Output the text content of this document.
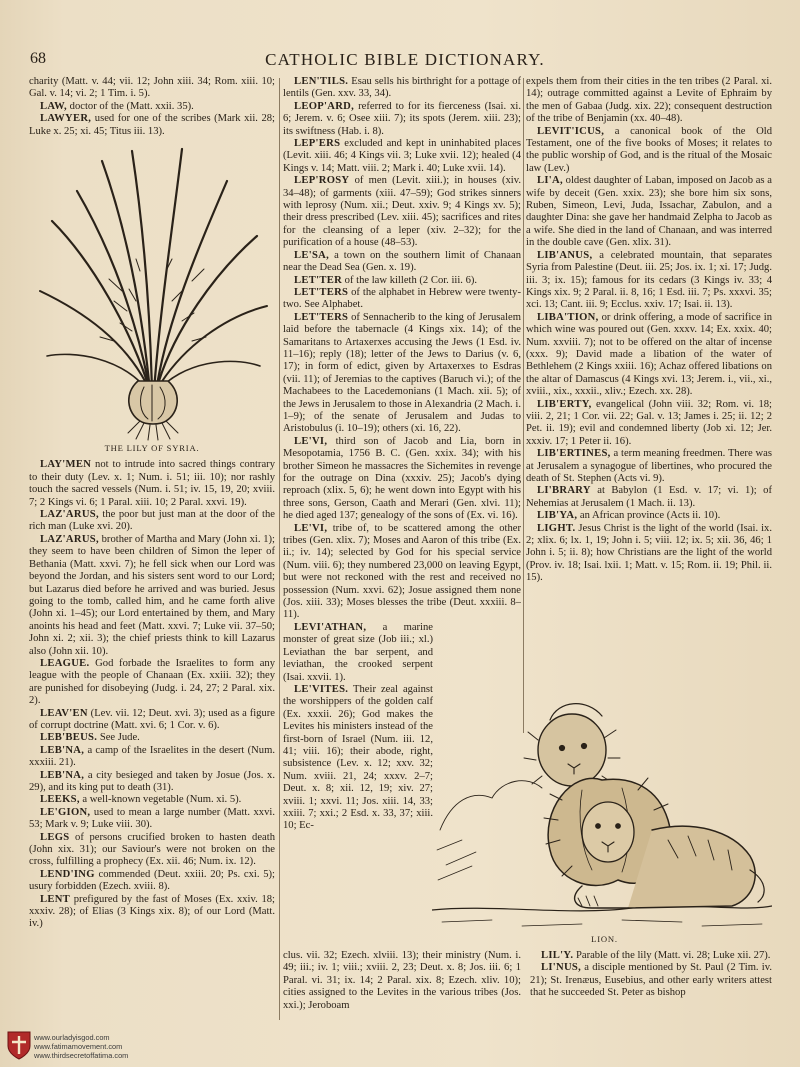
68	CATHOLIC BIBLE DICTIONARY.

charity (Matt. v. 44; vii. 12; John xiii. 34; Rom. xiii. 10; Gal. v. 14; vi. 2; 1 Tim. i. 5).

LAW, doctor of the (Matt. xxii. 35).

LAWYER, used for one of the scribes (Mark xii. 28; Luke x. 25; xi. 45; Titus iii. 13).

THE LILY OF SYRIA.

LAY'MEN not to intrude into sacred things contrary to their duty (Lev. x. 1; Num. i. 51; iii. 10); nor rashly touch the sacred vessels (Num. i. 51; iv. 15, 19, 20; xviii. 7; 2 Kings vi. 6; 1 Paral. xiii. 10; 2 Paral. xxvi. 19).

LAZ'ARUS, the poor but just man at the door of the rich man (Luke xvi. 20).

LAZ'ARUS, brother of Martha and Mary (John xi. 1); they seem to have been children of Simon the leper of Bethania (Matt. xxvi. 7); he fell sick when our Lord was beyond the Jordan, and his sisters sent word to our Lord; but Lazarus died before he arrived and was buried. Jesus going to the tomb, called him, and he came forth alive (John xi. 1–45); our Lord entertained by them, and Mary anoints his head and feet (Matt. xxvi. 7; Luke vii. 37–50; John xi. 2; xii. 3); the chief priests think to kill Lazarus also (John xii. 10).

LEAGUE. God forbade the Israelites to form any league with the people of Chanaan (Ex. xxiii. 32); they are punished for disobeying (Judg. i. 24, 27; 2 Paral. xix. 2).

LEAV'EN (Lev. vii. 12; Deut. xvi. 3); used as a figure of corrupt doctrine (Matt. xvi. 6; 1 Cor. v. 6).

LEB'BEUS. See Jude.

LEB'NA, a camp of the Israelites in the desert (Num. xxxiii. 21).

LEB'NA, a city besieged and taken by Josue (Jos. x. 29), and its king put to death (31).

LEEKS, a well-known vegetable (Num. xi. 5).

LE'GION, used to mean a large number (Matt. xxvi. 53; Mark v. 9; Luke viii. 30).

LEGS of persons crucified broken to hasten death (John xix. 31); our Saviour's were not broken on the cross, fulfilling a prophecy (Ex. xii. 46; Num. ix. 12).

LEND'ING commended (Deut. xxiii. 20; Ps. cxi. 5); usury forbidden (Ezech. xviii. 8).

LENT prefigured by the fast of Moses (Ex. xxiv. 18; xxxiv. 28); of Elias (3 Kings xix. 8); of our Lord (Matt. iv.)

LEN'TILS. Esau sells his birthright for a pottage of lentils (Gen. xxv. 33, 34).

LEOP'ARD, referred to for its fierceness (Isai. xi. 6; Jerem. v. 6; Osee xiii. 7); its spots (Jerem. xiii. 23); its swiftness (Hab. i. 8).

LEP'ERS excluded and kept in uninhabited places (Levit. xiii. 46; 4 Kings vii. 3; Luke xvii. 12); healed (4 Kings v. 14; Matt. viii. 2; Mark i. 40; Luke xvii. 14).

LEP'ROSY of men (Levit. xiii.); in houses (xiv. 34–48); of garments (xiii. 47–59); God strikes sinners with leprosy (Num. xii.; Deut. xxiv. 9; 4 Kings xv. 5); their dress prescribed (Lev. xiii. 45); sacrifices and rites for the cleansing of a leper (xiv. 2–32); for the purification of a house (48–53).

LE'SA, a town on the southern limit of Chanaan near the Dead Sea (Gen. x. 19).

LET'TER of the law killeth (2 Cor. iii. 6).

LET'TERS of the alphabet in Hebrew were twenty-two. See Alphabet.

LET'TERS of Sennacherib to the king of Jerusalem laid before the tabernacle (4 Kings xix. 14); of the Samaritans to Artaxerxes accusing the Jews (1 Esd. iv. 11–16); reply (18); letter of the Jews to Darius (v. 6, 17); in form of edict, given by Artaxerxes to Esdras (vii. 11); of Jeremias to the captives (Baruch vi.); of the Machabees to the Lacedemonians (1 Mach. xii. 5); of the Jews in Jerusalem to those in Alexandria (2 Mach. i. 1–9); of the senate of Jerusalem and Judas to Aristobulus (i. 10–19); others (xi. 16, 22).

LE'VI, third son of Jacob and Lia, born in Mesopotamia, 1756 B. C. (Gen. xxix. 34); with his brother Simeon he massacres the Sichemites in revenge for the outrage on Dina (xxxiv. 25); Jacob's dying reproach (xlix. 5, 6); he went down into Egypt with his three sons, Gerson, Caath and Merari (Gen. xlvi. 11); he died aged 137; genealogy of the sons of (Ex. vi. 16).

LE'VI, tribe of, to be scattered among the other tribes (Gen. xlix. 7); Moses and Aaron of this tribe (Ex. ii.; iv. 14); selected by God for his special service (Num. viii. 6); they numbered 23,000 on leaving Egypt, but were not reckoned with the rest and received no possession (Num. xxvi. 62); Josue assigned them none (Jos. xiii. 33); Moses blesses the tribe (Deut. xxxiii. 8–11).

LEVI'ATHAN, a marine monster of great size (Job iii.; xl.) Leviathan the bar serpent, and leviathan, the crooked serpent (Isai. xxvii. 1).

LE'VITES. Their zeal against the worshippers of the golden calf (Ex. xxxii. 26); God makes the Levites his ministers instead of the first-born of Israel (Num. iii. 12, 41; viii. 16); their abode, right, subsistence (Lev. x. 12; xxv. 32; Num. xviii. 21, 24; xxxv. 2–7; Deut. x. 8; xii. 12, 19; xiv. 27; xviii. 1; xxvi. 11; Jos. xiii. 14, 33; xxiii. 7; xxi.; 2 Esd. x. 33, 37; xiii. 10; Ec-

expels them from their cities in the ten tribes (2 Paral. xi. 14); outrage committed against a Levite of Ephraim by the men of Gabaa (Judg. xix. 22); consequent destruction of the tribe of Benjamin (xx. 40–48).

LEVIT'ICUS, a canonical book of the Old Testament, one of the five books of Moses; it relates to the public worship of God, and is the ritual of the Mosaic law (Lev.)

LI'A, oldest daughter of Laban, imposed on Jacob as a wife by deceit (Gen. xxix. 23); she bore him six sons, Ruben, Simeon, Levi, Juda, Issachar, Zabulon, and a daughter Dina: she gave her handmaid Zelpha to Jacob as a wife. She died in the land of Chanaan, and was interred in the double cave (Gen. xlix. 31).

LIB'ANUS, a celebrated mountain, that separates Syria from Palestine (Deut. iii. 25; Jos. ix. 1; xi. 17; Judg. iii. 3; ix. 15); famous for its cedars (3 Kings iv. 33; 4 Kings xix. 9; 2 Paral. ii. 8, 16; 1 Esd. iii. 7; Ps. xxxvi. 35; xci. 13; Cant. iii. 9; Ecclus. xxiv. 17; Isai. ii. 13).

LIBA'TION, or drink offering, a mode of sacrifice in which wine was poured out (Gen. xxxv. 14; Ex. xxix. 40; Num. xxviii. 7); not to be offered on the altar of incense (xxx. 9); David made a libation of the water of Bethlehem (2 Kings xxiii. 16); Achaz offered libations on the altar of Damascus (4 Kings xvi. 13; Jerem. i., vii., xi., xviii., xix., xxxii., xliv.; Ezech. xx. 28).

LIB'ERTY, evangelical (John viii. 32; Rom. vi. 18; viii. 2, 21; 1 Cor. vii. 22; Gal. v. 13; James i. 25; ii. 12; 2 Pet. ii. 19); evil and condemned liberty (Job xi. 12; Jer. xxxiv. 17; 1 Peter ii. 16).

LIB'ERTINES, a term meaning freedmen. There was at Jerusalem a synagogue of libertines, who procured the death of St. Stephen (Acts vi. 9).

LI'BRARY at Babylon (1 Esd. v. 17; vi. 1); of Nehemias at Jerusalem (1 Mach. ii. 13).

LIB'YA, an African province (Acts ii. 10).

LIGHT. Jesus Christ is the light of the world (Isai. ix. 2; xlix. 6; lx. 1, 19; John i. 5; viii. 12; ix. 5; xii. 36, 46; 1 John i. 5; ii. 8); how Christians are the light of the world (Prov. iv. 18; Isai. lxii. 1; Matt. v. 15; Rom. ii. 19; Phil. ii. 15).

LION.

clus. vii. 32; Ezech. xlviii. 13); their ministry (Num. i. 49; iii.; iv. 1; viii.; xviii. 2, 23; Deut. x. 8; Jos. iii. 6; 1 Paral. vi. 31; ix. 14; 2 Paral. xix. 8; Ezech. xliv. 10); cities assigned to the Levites in the various tribes (Jos. xxi.); Jeroboam

LIL'Y. Parable of the lily (Matt. vi. 28; Luke xii. 27).

LI'NUS, a disciple mentioned by St. Paul (2 Tim. iv. 21); St. Irenæus, Eusebius, and other early writers attest that he succeeded St. Peter as bishop

www.ourladyisgod.com
www.fatimamovement.com
www.thirdsecretoffatima.com
